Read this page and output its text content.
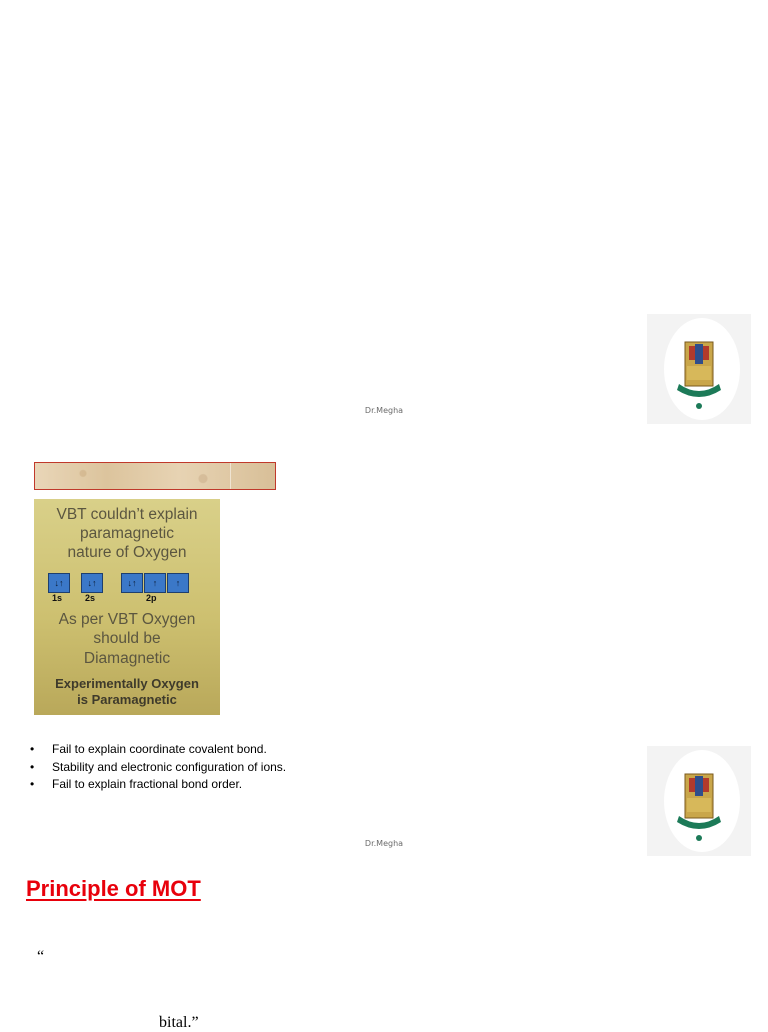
Dr.Megha
VBT couldn’t explain
paramagnetic
nature of Oxygen
↓↑
1s
↓↑
2s
↓↑	↑	↑
2p
As per VBT Oxygen
should be
Diamagnetic
Experimentally Oxygen
is Paramagnetic
• Fail to explain coordinate covalent bond.
• Stability and electronic configuration of ions.
• Fail to explain fractional bond order.
Dr.Megha
Principle of MOT
“
bital.”
